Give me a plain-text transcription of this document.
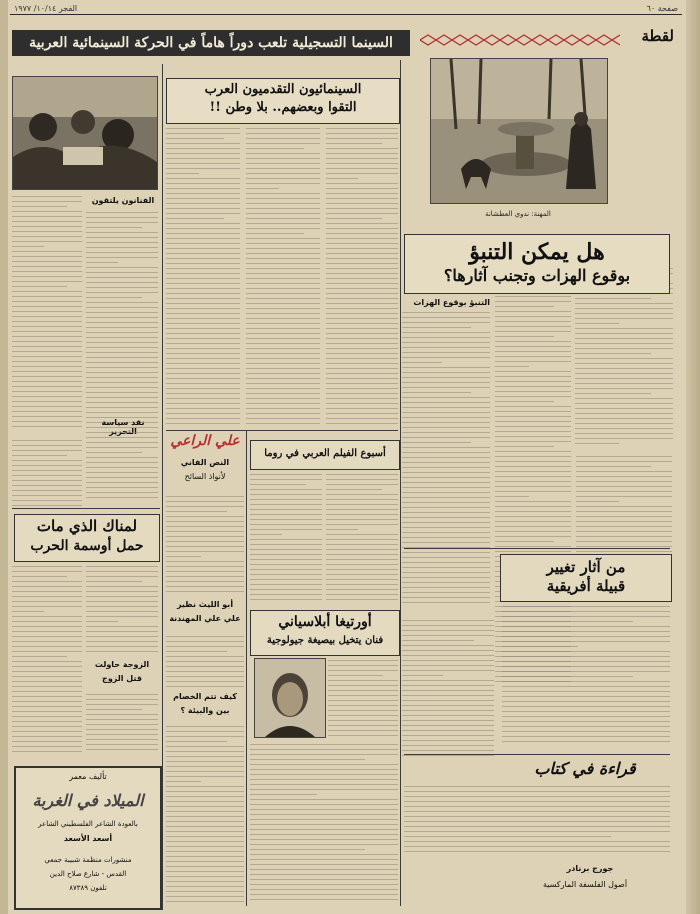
صفحة ٦٠
الفجر ١٠/١٤/ ١٩٧٧
السينما التسجيلية تلعب دوراً هاماً في الحركة السينمائية العربية	لقطة
المهنة: ندوي العطشانة
هل يمكن التنبؤ
بوقوع الهزات وتجنب آثارها؟
التنبؤ بوقوع الهزات
من آثار تغيير
قبيلة أفريقية
قراءة في كتاب
جورج برنادر
أصول الفلسفة الماركسية
السينمائيون التقدميون العرب
التقوا وبعضهم.. بلا وطن !!
الفنانون يلتقون
نقد سياسة
علي الراعي
النص الفاني
لأنواذ السائح
أسبوع الفيلم العربي في روما
أبو الليث نظير
علي علي المهندنة	أورتيغا أبلاسياني
فنان يتخيل بيصيغة جيولوجية
الزوجة حاولت
قتل الزوج
كيف تتم الخصام
بين والبيئة ؟
لمناك الذي مات
حمل أوسمة الحرب
تأليف معمر
الميلاد في الغربة
بالعودة الشاعر الفلسطيني الشاعر
أسعد الأسعد
منشورات منظمة شبيبة جمعي
القدس - شارع صلاح الدين
تلفون ٨٧٣٨٩
